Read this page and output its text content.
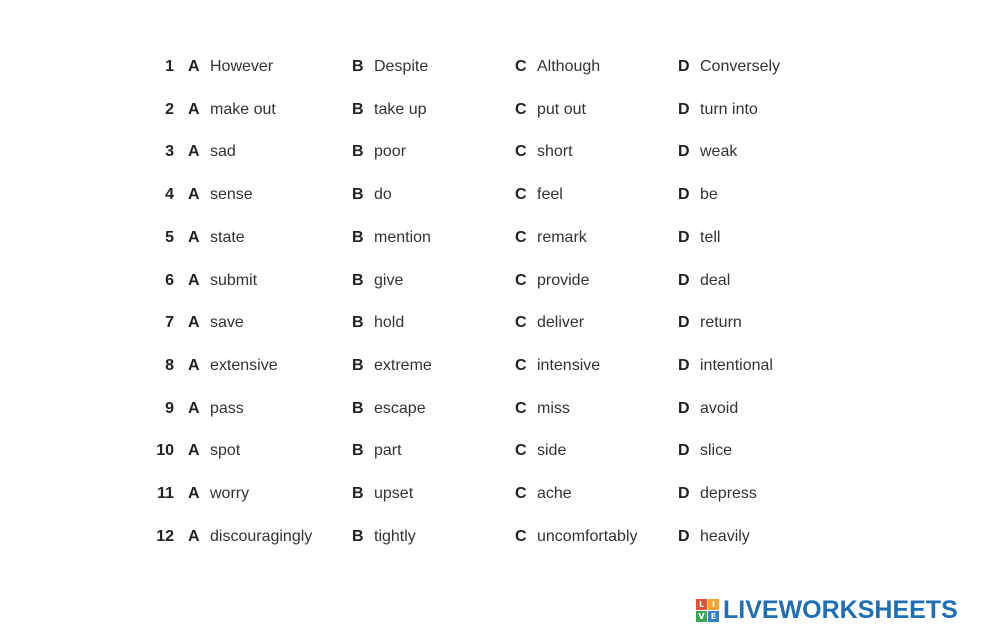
1 A However	B Despite	C Although	D Conversely
2 A make out	B take up	C put out	D turn into
3 A sad	B poor	C short	D weak
4 A sense	B do	C feel	D be
5 A state	B mention	C remark	D tell
6 A submit	B give	C provide	D deal
7 A save	B hold	C deliver	D return
8 A extensive	B extreme	C intensive	D intentional
9 A pass	B escape	C miss	D avoid
10 A spot	B part	C side	D slice
11 A worry	B upset	C ache	D depress
12 A discouragingly B tightly	C uncomfortably	D heavily
L I
V E LIVEWORKSHEETS
